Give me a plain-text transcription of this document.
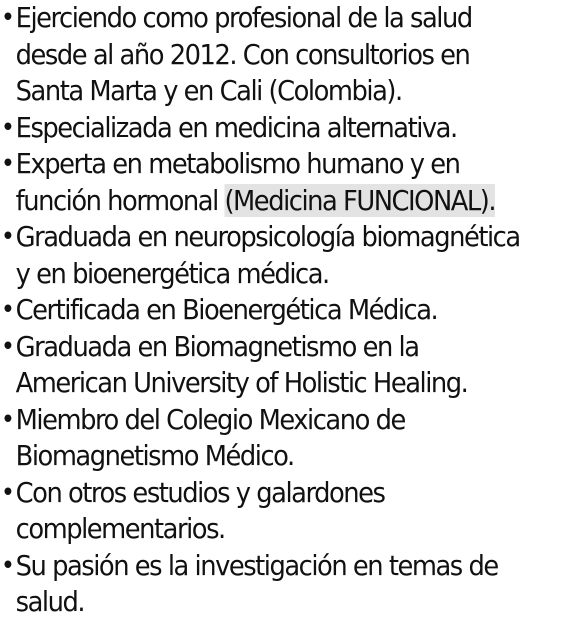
• Ejerciendo como profesional de la salud
desde al año 2012. Con consultorios en
Santa Marta y en Cali (Colombia).
• Especializada en medicina alternativa.
• Experta en metabolismo humano y en
función hormonal (Medicina FUNCIONAL).
• Graduada en neuropsicología biomagnética
y en bioenergética médica.
• Certificada en Bioenergética Médica.
• Graduada en Biomagnetismo en la
American University of Holistic Healing.
• Miembro del Colegio Mexicano de
Biomagnetismo Médico.
• Con otros estudios y galardones
complementarios.
• Su pasión es la investigación en temas de
salud.
